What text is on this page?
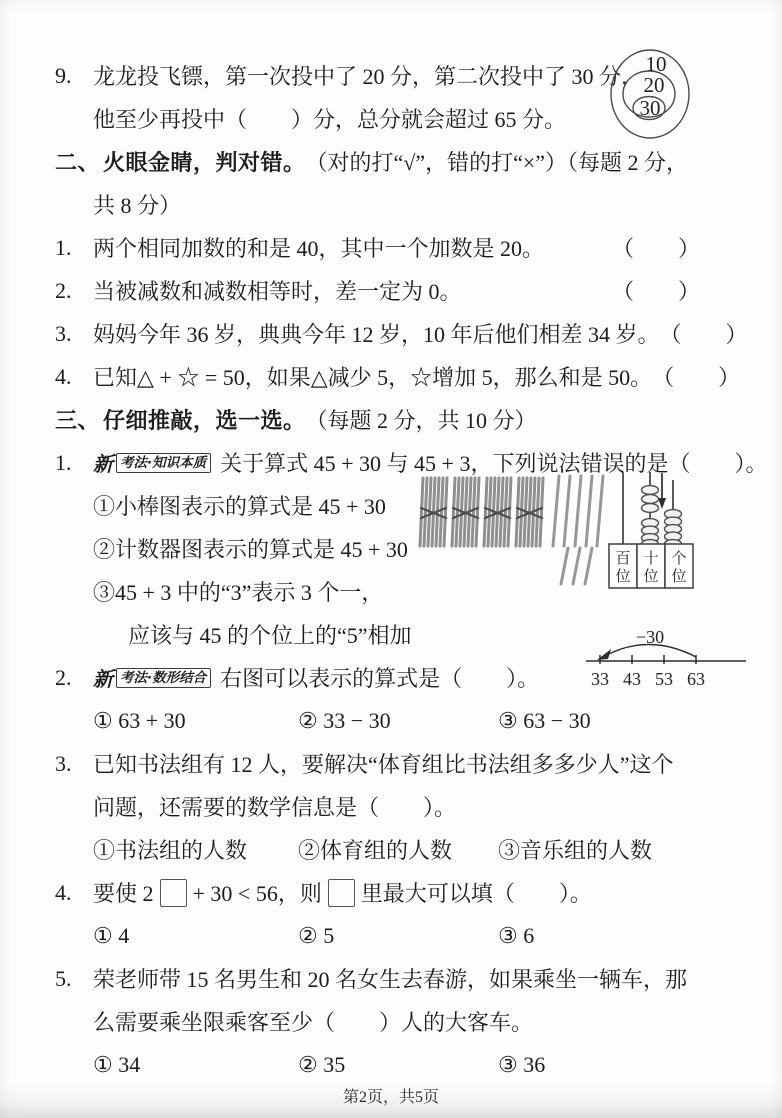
9. 龙龙投飞镖，第一次投中了 20 分，第二次投中了 30 分，
他至少再投中（　　）分，总分就会超过 65 分。
二、 火眼金睛，判对错。 （对的打“√”，错的打“×”）（每题 2 分，
共 8 分）
1. 两个相同加数的和是 40，其中一个加数是 20。	（　　）
2. 当被减数和减数相等时，差一定为 0。	（　　）
3. 妈妈今年 36 岁，典典今年 12 岁，10 年后他们相差 34 岁。 （　　）
4. 已知△ + ☆ = 50，如果△减少 5，☆增加 5，那么和是 50。 （　　）
三、 仔细推敲，选一选。 （每题 2 分，共 10 分）
1.	新 考法·知识本质 关于算式 45 + 30 与 45 + 3，下列说法错误的是（　　）。
①小棒图表示的算式是 45 + 30
②计数器图表示的算式是 45 + 30
③45 + 3 中的“3”表示 3 个一，
应该与 45 的个位上的“5”相加
2.	新 考法·数形结合 右图可以表示的算式是（　　）。
① 63 + 30	② 33 − 30	③ 63 − 30
3. 已知书法组有 12 人，要解决“体育组比书法组多多少人”这个
问题，还需要的数学信息是（　　）。
①书法组的人数	②体育组的人数	③音乐组的人数
4. 要使 2 + 30 < 56，则 里最大可以填（　　）。
① 4	② 5	③ 6
5. 荣老师带 15 名男生和 20 名女生去春游，如果乘坐一辆车，那
么需要乘坐限乘客至少（　　）人的大客车。
① 34	② 35	③ 36
10
20
30
百
位
十
位
个
位
−30
33 43 53 63
第2页，共5页
